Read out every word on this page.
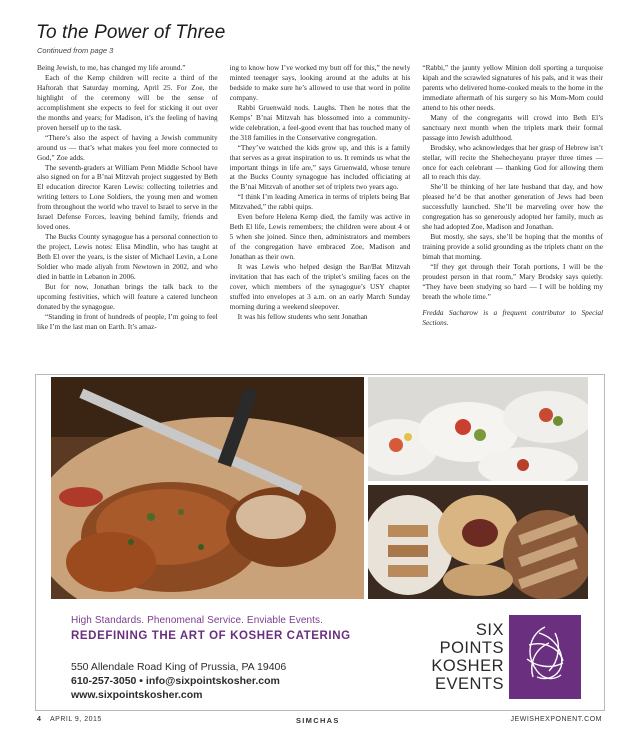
To the Power of Three
Continued from page 3

Being Jewish, to me, has changed my life around.”

Each of the Kemp children will recite a third of the Haftorah that Saturday morning, April 25. For Zoe, the highlight of the ceremony will be the sense of accomplishment she expects to feel for sticking it out over the months and years; for Madison, it’s the feeling of having proven herself up to the task.

“There’s also the aspect of having a Jewish community around us — that’s what makes you feel more connected to God,” Zoe adds.

The seventh-graders at William Penn Middle School have also signed on for a B’nai Mitzvah project suggested by Beth El education director Karen Lewis: collecting toiletries and writing letters to Lone Soldiers, the young men and women from throughout the world who travel to Israel to serve in the Israel Defense Forces, leaving behind family, friends and loved ones.

The Bucks County synagogue has a personal connection to the project, Lewis notes: Elisa Mindlin, who has taught at Beth El over the years, is the sister of Michael Levin, a Lone Soldier who made aliyah from Newtown in 2002, and who died in battle in Lebanon in 2006.

But for now, Jonathan brings the talk back to the upcoming festivities, which will feature a catered luncheon donated by the synagogue.

“Standing in front of hundreds of people, I’m going to feel like I’m the last man on Earth. It’s amaz-

ing to know how I’ve worked my butt off for this,” the newly minted teenager says, looking around at the adults at his bedside to make sure he’s allowed to use that word in polite company.

Rabbi Gruenwald nods. Laughs. Then he notes that the Kemps’ B’nai Mitzvah has blossomed into a community-wide celebration, a feel-good event that has touched many of the 318 families in the Conservative congregation.

“They’ve watched the kids grow up, and this is a family that serves as a great inspiration to us. It reminds us what the important things in life are,” says Gruenwald, whose tenure at the Bucks County synagogue has included officiating at the B’nai Mitzvah of another set of triplets two years ago.

“I think I’m leading America in terms of triplets being Bar Mitzvahed,” the rabbi quips.

Even before Helena Kemp died, the family was active in Beth El life, Lewis remembers; the children were about 4 or 5 when she joined. Since then, administrators and members of the congregation have embraced Zoe, Madison and Jonathan as their own.

It was Lewis who helped design the Bar/Bat Mitzvah invitation that has each of the triplet’s smiling faces on the cover, which members of the synagogue’s USY chapter stuffed into envelopes at 3 a.m. on an early March Sunday morning during a weekend sleepover.

It was his fellow students who sent Jonathan

“Rabbi,” the jaunty yellow Minion doll sporting a turquoise kipah and the scrawled signatures of his pals, and it was their parents who delivered home-cooked meals to the home in the immediate aftermath of his surgery so his Mom-Mom could attend to his other needs.

Many of the congregants will crowd into Beth El’s sanctuary next month when the triplets mark their formal passage into Jewish adulthood.

Brodsky, who acknowledges that her grasp of Hebrew isn’t stellar, will recite the Shehecheyanu prayer three times — once for each celebrant — thanking God for allowing them all to reach this day.

She’ll be thinking of her late husband that day, and how pleased he’d be that another generation of Jews had been successfully launched. She’ll be marveling over how the congregation has so generously adopted her family, much as she had adopted Zoe, Madison and Jonathan.

But mostly, she says, she’ll be hoping that the months of training provide a solid grounding as the triplets chant on the bimah that morning.

“If they get through their Torah portions, I will be the proudest person in that room,” Mary Brodsky says quietly. “They have been studying so hard — I will be holding my breath the whole time.”

Fredda Sacharow is a frequent contributor to Special Sections.

High Standards. Phenomenal Service. Enviable Events.
REDEFINING THE ART OF KOSHER CATERING
550 Allendale Road King of Prussia, PA 19406
610-257-3050 • info@sixpointskosher.com
www.sixpointskosher.com
SIX
POINTS
KOSHER
EVENTS
4 APRIL 9, 2015	SIMCHAS	JEWISHEXPONENT.COM
